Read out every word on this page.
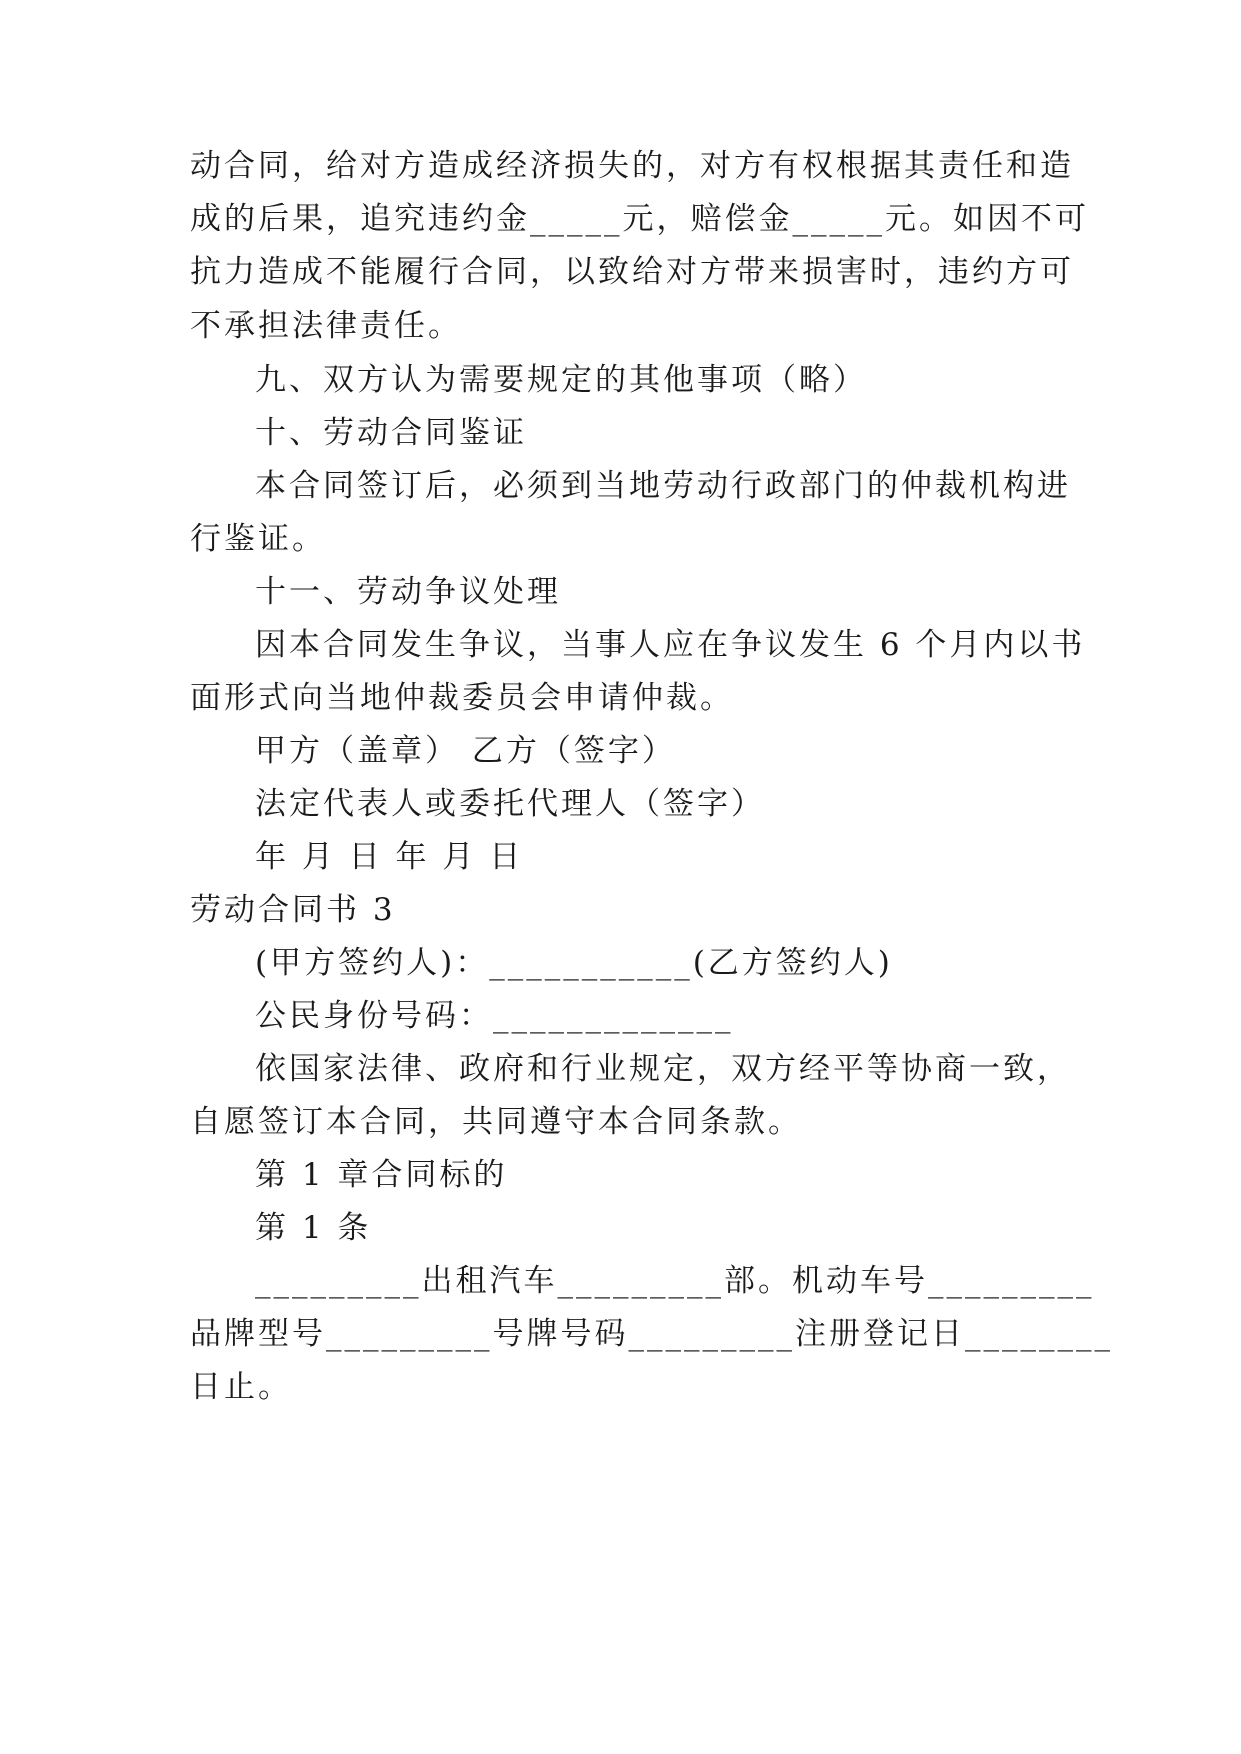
动合同，给对方造成经济损失的，对方有权根据其责任和造
成的后果，追究违约金_____元，赔偿金_____元。如因不可
抗力造成不能履行合同，以致给对方带来损害时，违约方可
不承担法律责任。
九、双方认为需要规定的其他事项（略）
十、劳动合同鉴证
本合同签订后，必须到当地劳动行政部门的仲裁机构进
行鉴证。
十一、劳动争议处理
因本合同发生争议，当事人应在争议发生 6 个月内以书
面形式向当地仲裁委员会申请仲裁。
甲方（盖章） 乙方（签字）
法定代表人或委托代理人（签字）
年 月 日 年 月 日
劳动合同书 3
(甲方签约人)：___________(乙方签约人)
公民身份号码：_____________
依国家法律、政府和行业规定，双方经平等协商一致，
自愿签订本合同，共同遵守本合同条款。
第 1 章合同标的
第 1 条
_________出租汽车_________部。机动车号_________
品牌型号_________号牌号码_________注册登记日________
日止。
